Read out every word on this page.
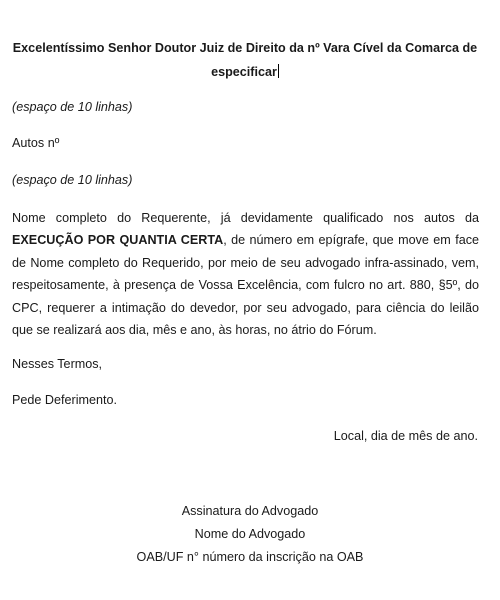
Excelentíssimo Senhor Doutor Juiz de Direito da nº Vara Cível da Comarca de
especificar
(espaço de 10 linhas)
Autos nº
(espaço de 10 linhas)
Nome completo do Requerente, já devidamente qualificado nos autos da EXECUÇÃO POR QUANTIA CERTA, de número em epígrafe, que move em face de Nome completo do Requerido, por meio de seu advogado infra-assinado, vem, respeitosamente, à presença de Vossa Excelência, com fulcro no art. 880, §5º, do CPC, requerer a intimação do devedor, por seu advogado, para ciência do leilão que se realizará aos dia, mês e ano, às horas, no átrio do Fórum.
Nesses Termos,
Pede Deferimento.
Local, dia de mês de ano.
Assinatura do Advogado
Nome do Advogado
OAB/UF n° número da inscrição na OAB
